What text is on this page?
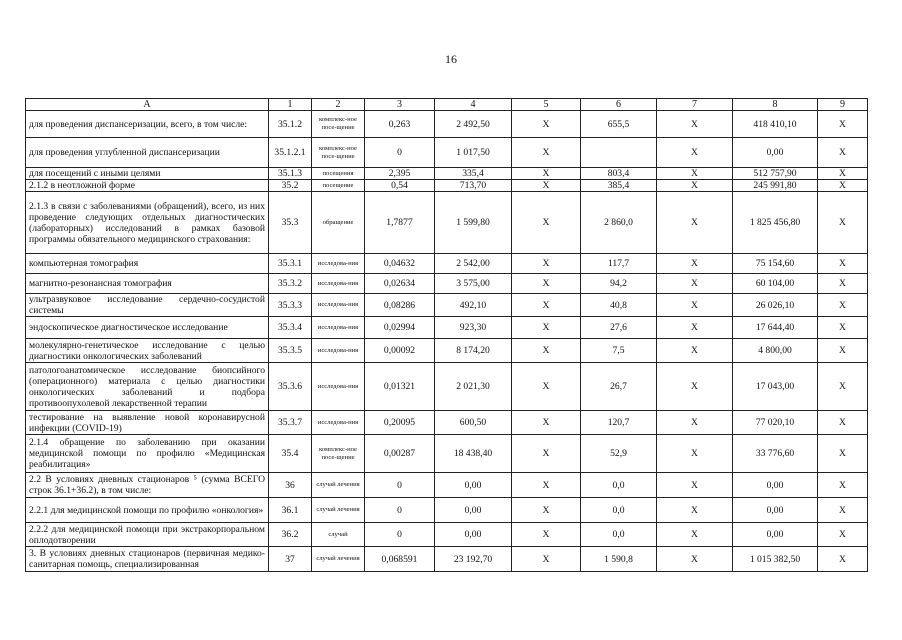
16
А	1	2	3	4	5	6	7	8	9
для проведения диспансеризации, всего, в том числе:	35.1.2	комплекс-ное посе-щение	0,263	2 492,50	Х	655,5	Х	418 410,10	Х
для проведения углубленной диспансеризации	35.1.2.1	комплекс-ное посе-щение	0	1 017,50	Х		Х	0,00	Х
для посещений с иными целями	35.1.3	посещения	2,395	335,4	Х	803,4	Х	512 757,90	Х
2.1.2 в неотложной форме	35.2	посещение	0,54	713,70	Х	385,4	Х	245 991,80	Х
2.1.3 в связи с заболеваниями (обращений), всего, из них проведение следующих отдельных диагностических (лабораторных) исследований в рамках базовой программы обязательного медицинского страхования:	35.3	обращение	1,7877	1 599,80	Х	2 860,0	Х	1 825 456,80	Х
компьютерная томография	35.3.1	исследова-ния	0,04632	2 542,00	Х	117,7	Х	75 154,60	Х
магнитно-резонансная томография	35.3.2	исследова-ния	0,02634	3 575,00	Х	94,2	Х	60 104,00	Х
ультразвуковое исследование сердечно-сосудистой системы	35.3.3	исследова-ния	0,08286	492,10	Х	40,8	Х	26 026,10	Х
эндоскопическое диагностическое исследование	35.3.4	исследова-ния	0,02994	923,30	Х	27,6	Х	17 644,40	Х
молекулярно-генетическое исследование с целью диагностики онкологических заболеваний	35.3.5	исследова-ния	0,00092	8 174,20	Х	7,5	Х	4 800,00	Х
патологоанатомическое исследование биопсийного (операционного) материала с целью диагностики онкологических заболеваний и подбора противоопухолевой лекарственной терапии	35.3.6	исследова-ния	0,01321	2 021,30	Х	26,7	Х	17 043,00	Х
тестирование на выявление новой коронавирусной инфекции (COVID-19)	35.3.7	исследова-ния	0,20095	600,50	Х	120,7	Х	77 020,10	Х
2.1.4 обращение по заболеванию при оказании медицинской помощи по профилю «Медицинская реабилитация»	35.4	комплекс-ное посе-щение	0,00287	18 438,40	Х	52,9	Х	33 776,60	Х
2.2 В условиях дневных стационаров ⁵ (сумма ВСЕГО строк 36.1+36.2), в том числе:	36	случай лечения	0	0,00	Х	0,0	Х	0,00	Х
2.2.1 для медицинской помощи по профилю «онкология»	36.1	случай лечения	0	0,00	Х	0,0	Х	0,00	Х
2.2.2 для медицинской помощи при экстракорпоральном оплодотворении	36.2	случай	0	0,00	Х	0,0	Х	0,00	Х
3. В условиях дневных стационаров (первичная медико-санитарная помощь, специализированная	37	случай лечения	0,068591	23 192,70	Х	1 590,8	Х	1 015 382,50	Х
